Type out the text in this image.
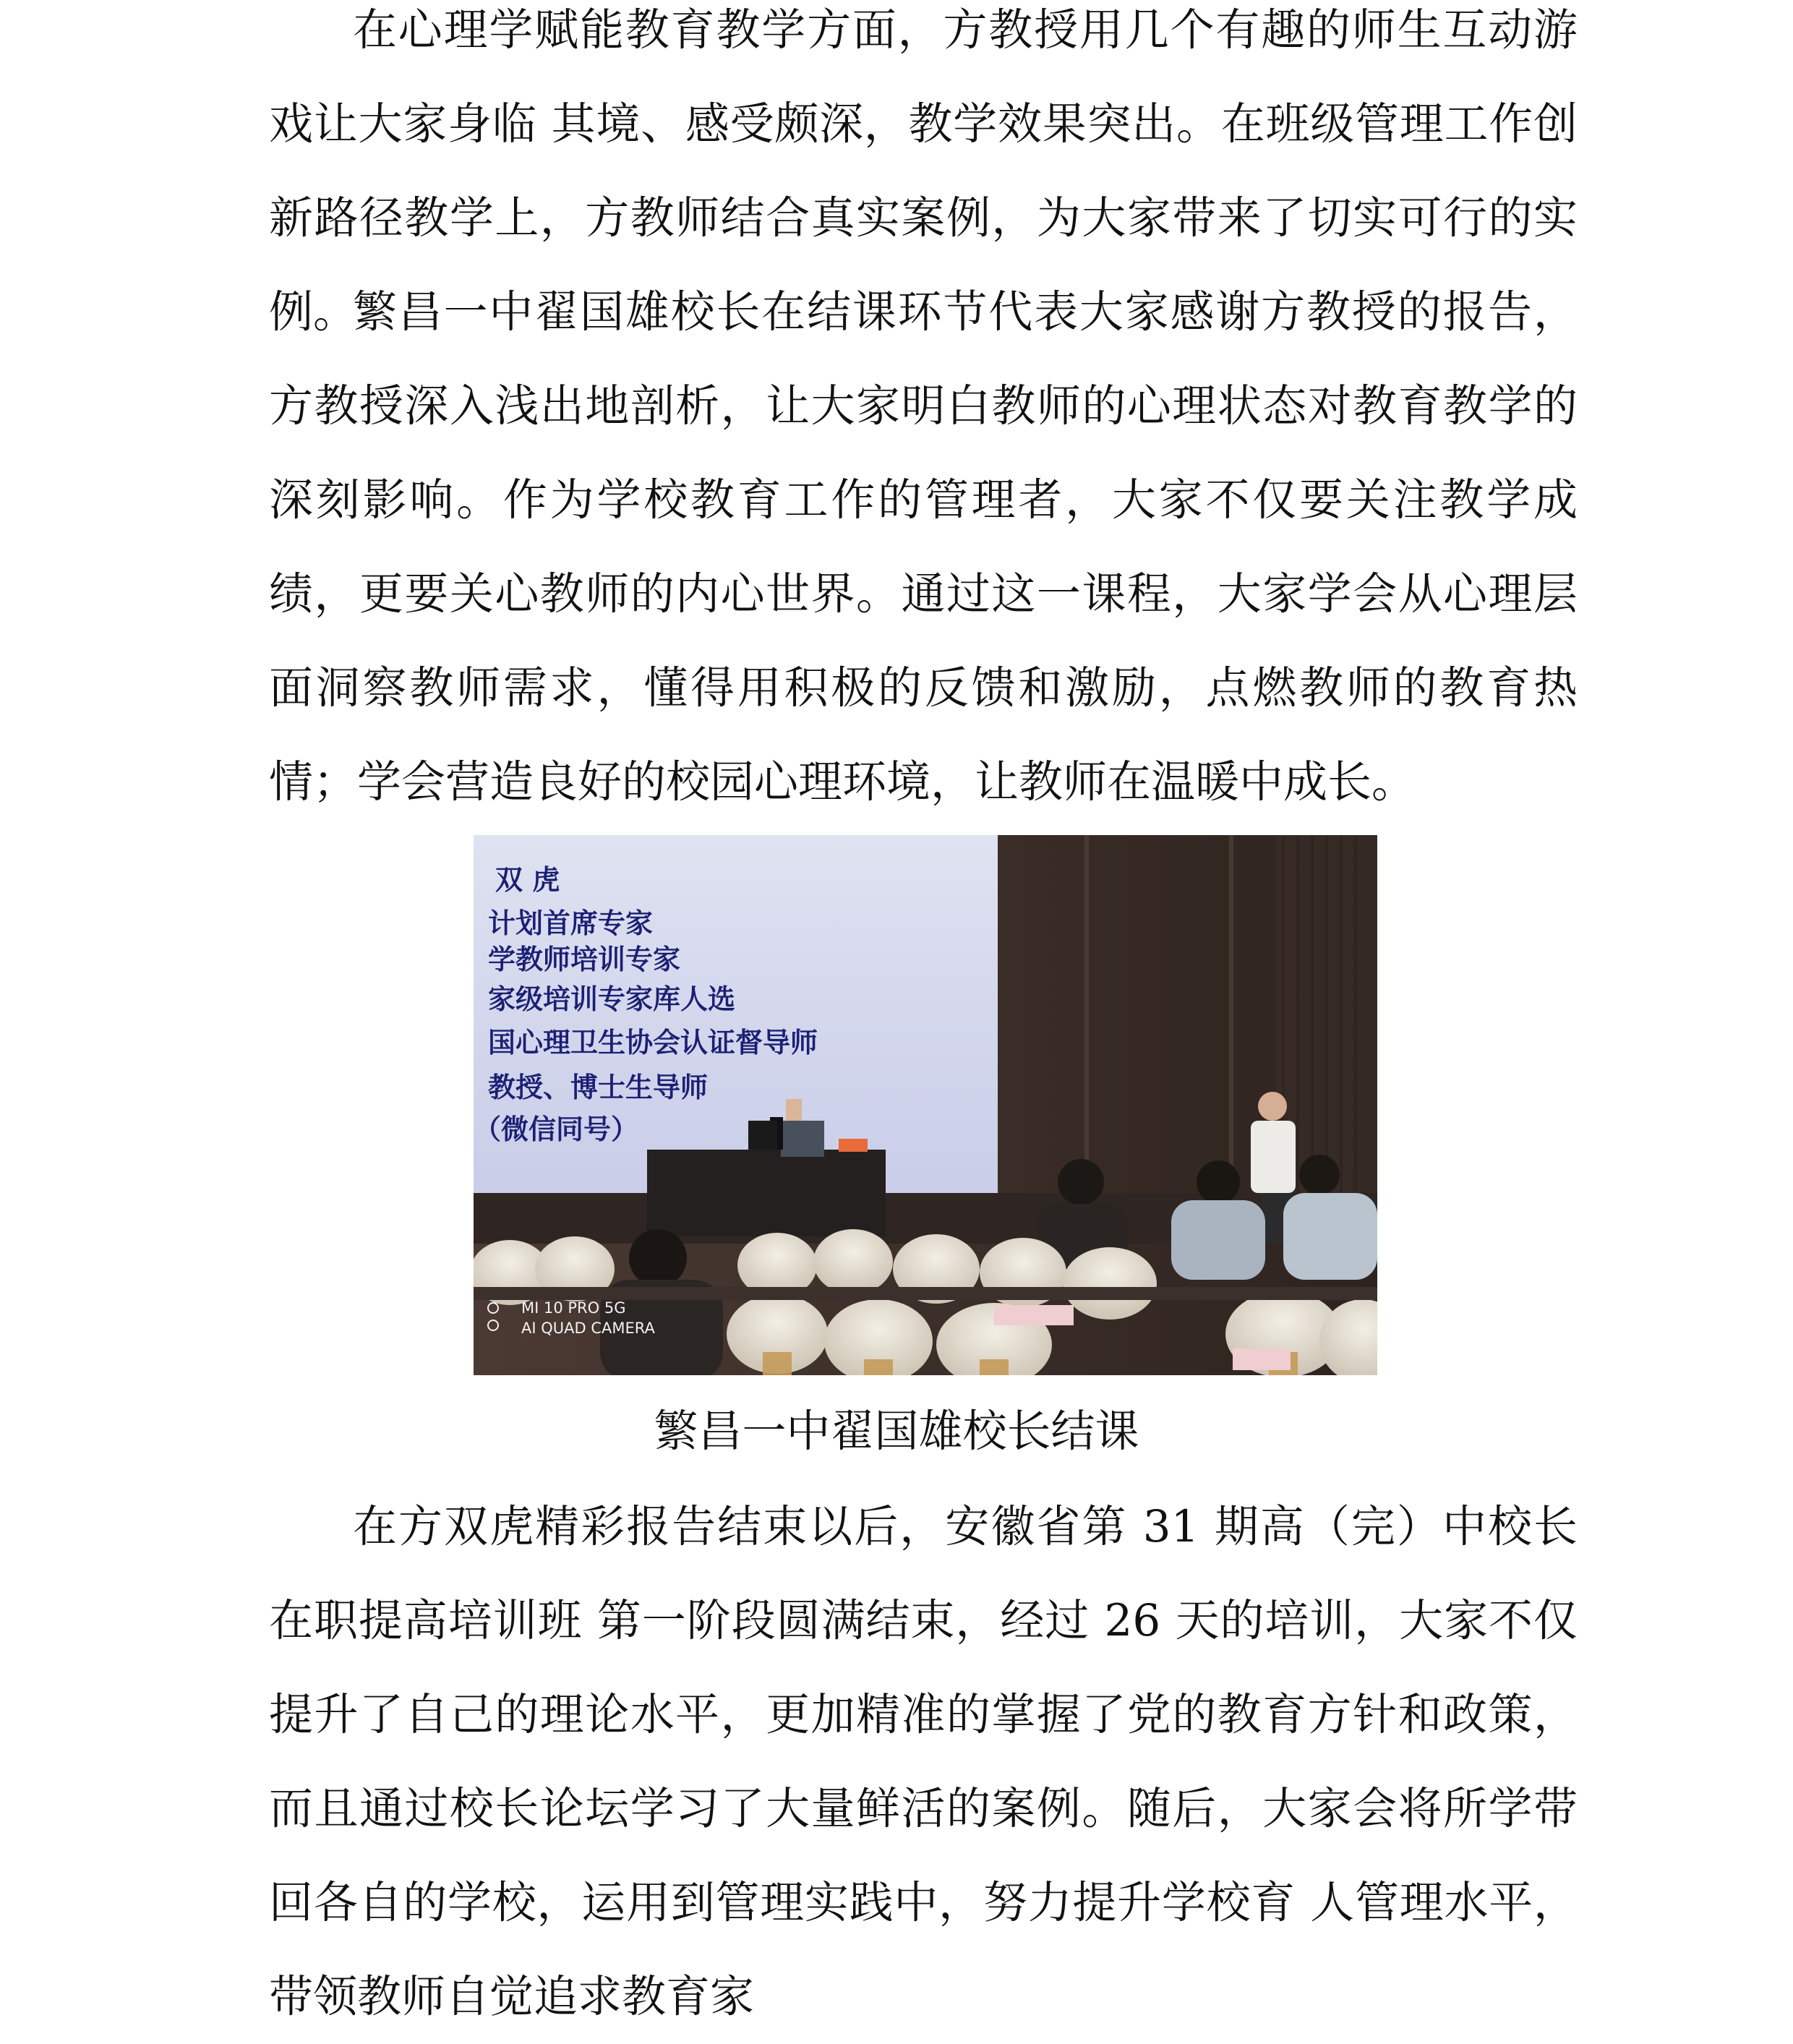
在心理学赋能教育教学方面，方教授用几个有趣的师生互动游戏让大家身临 其境、感受颇深，教学效果突出。在班级管理工作创新路径教学上，方教师结合真实案例，为大家带来了切实可行的实例。

繁昌一中翟国雄校长在结课环节代表大家感谢方教授的报告，方教授深入浅出地剖析，让大家明白教师的心理状态对教育教学的深刻影响。作为学校教育工作的管理者，大家不仅要关注教学成绩，更要关心教师的内心世界。通过这一课程，大家学会从心理层面洞察教师需求，懂得用积极的反馈和激励，点燃教师的教育热情；学会营造良好的校园心理环境，让教师在温暖中成长。

双 虎
计划首席专家
学教师培训专家
家级培训专家库人选
国心理卫生协会认证督导师
教授、博士生导师
（微信同号）
MI 10 PRO 5G
AI QUAD CAMERA
繁昌一中翟国雄校长结课

在方双虎精彩报告结束以后，安徽省第 31 期高（完）中校长在职提高培训班 第一阶段圆满结束，经过 26 天的培训，大家不仅提升了自己的理论水平，更加精准的掌握了党的教育方针和政策，而且通过校长论坛学习了大量鲜活的案例。随后，大家会将所学带回各自的学校，运用到管理实践中，努力提升学校育 人管理水平，带领教师自觉追求教育家
